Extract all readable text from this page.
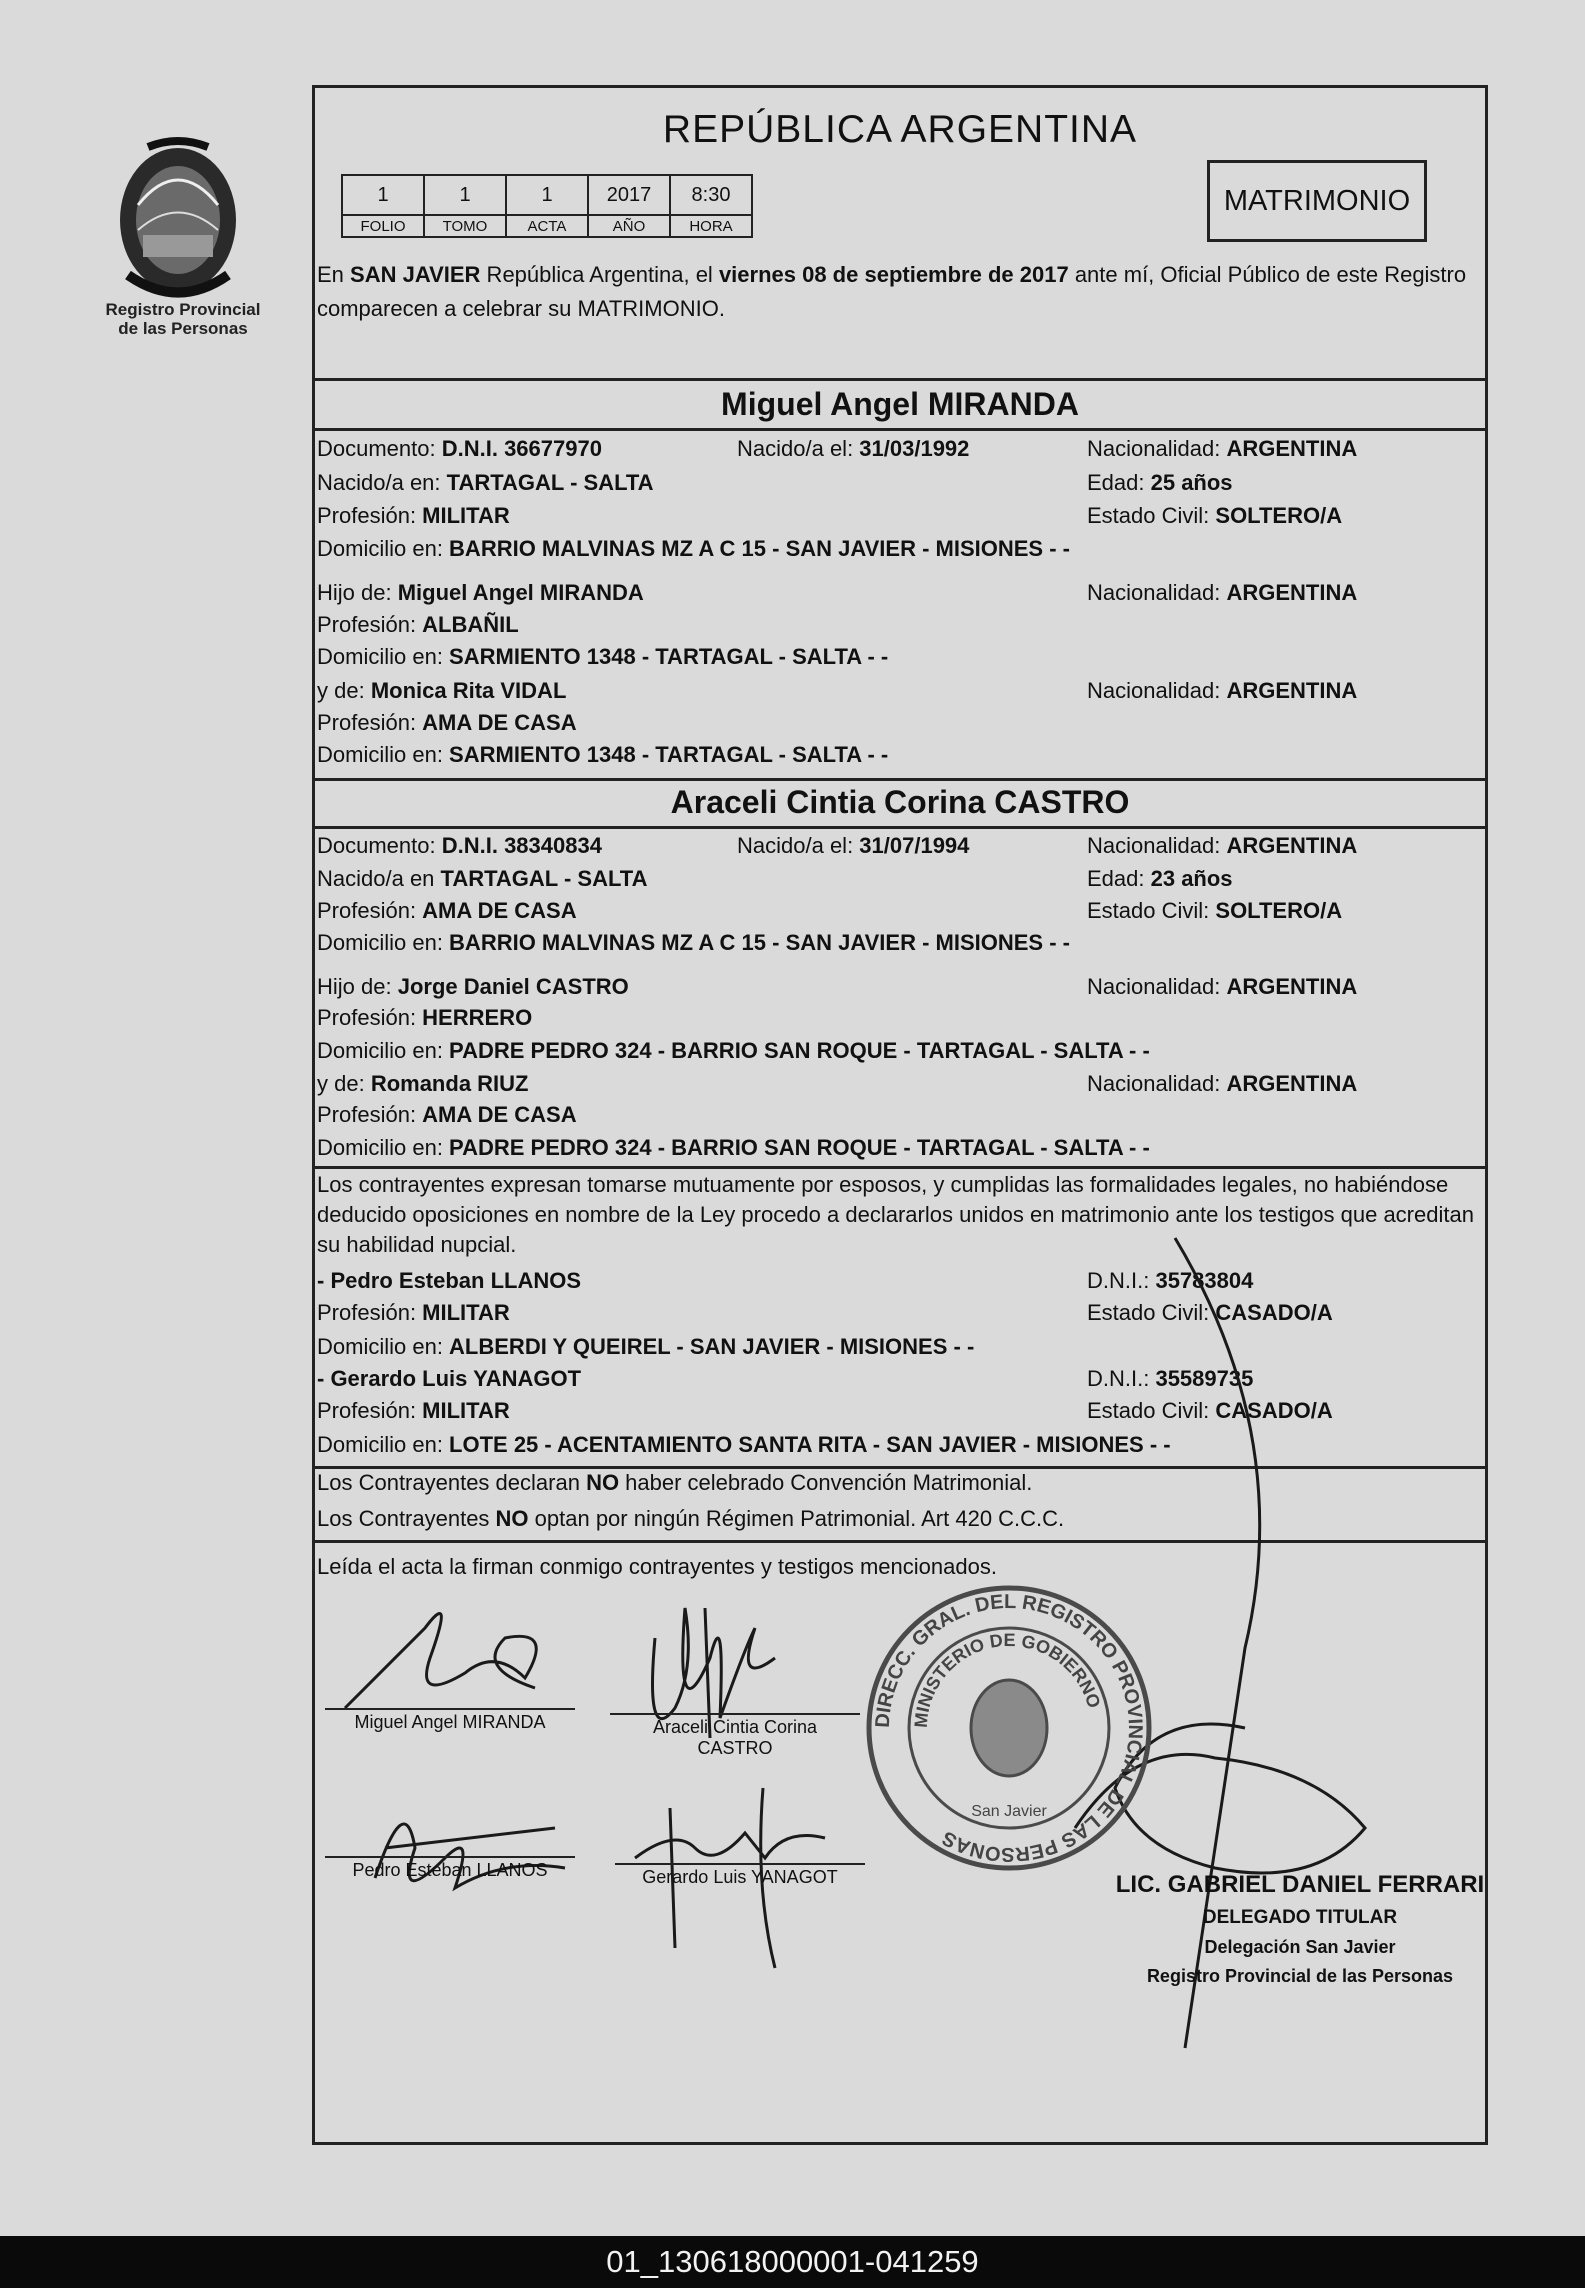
Registro Provincial
de las Personas
REPÚBLICA ARGENTINA
1	1	1	2017	8:30
FOLIO	TOMO	ACTA	AÑO	HORA
MATRIMONIO
En SAN JAVIER República Argentina, el viernes 08 de septiembre de 2017 ante mí, Oficial Público de este Registro comparecen a celebrar su MATRIMONIO.
Miguel Angel MIRANDA
Documento: D.N.I. 36677970	Nacido/a el: 31/03/1992	Nacionalidad: ARGENTINA
Nacido/a en: TARTAGAL - SALTA	Edad: 25 años
Profesión: MILITAR	Estado Civil: SOLTERO/A
Domicilio en: BARRIO MALVINAS MZ A C 15 - SAN JAVIER - MISIONES - -
Hijo de: Miguel Angel MIRANDA	Nacionalidad: ARGENTINA
Profesión: ALBAÑIL
Domicilio en: SARMIENTO 1348 - TARTAGAL - SALTA - -
y de: Monica Rita VIDAL	Nacionalidad: ARGENTINA
Profesión: AMA DE CASA
Domicilio en: SARMIENTO 1348 - TARTAGAL - SALTA - -
Araceli Cintia Corina CASTRO
Documento: D.N.I. 38340834	Nacido/a el: 31/07/1994	Nacionalidad: ARGENTINA
Nacido/a en TARTAGAL - SALTA	Edad: 23 años
Profesión: AMA DE CASA	Estado Civil: SOLTERO/A
Domicilio en: BARRIO MALVINAS MZ A C 15 - SAN JAVIER - MISIONES - -
Hijo de: Jorge Daniel CASTRO	Nacionalidad: ARGENTINA
Profesión: HERRERO
Domicilio en: PADRE PEDRO 324 - BARRIO SAN ROQUE - TARTAGAL - SALTA - -
y de: Romanda RIUZ	Nacionalidad: ARGENTINA
Profesión: AMA DE CASA
Domicilio en: PADRE PEDRO 324 - BARRIO SAN ROQUE - TARTAGAL - SALTA - -
Los contrayentes expresan tomarse mutuamente por esposos, y cumplidas las formalidades legales, no habiéndose deducido oposiciones en nombre de la Ley procedo a declararlos unidos en matrimonio ante los testigos que acreditan su habilidad nupcial.
- Pedro Esteban LLANOS	D.N.I.: 35783804
Profesión: MILITAR	Estado Civil: CASADO/A
Domicilio en: ALBERDI Y QUEIREL - SAN JAVIER - MISIONES - -
- Gerardo Luis YANAGOT	D.N.I.: 35589735
Profesión: MILITAR	Estado Civil: CASADO/A
Domicilio en: LOTE 25 - ACENTAMIENTO SANTA RITA - SAN JAVIER - MISIONES - -
Los Contrayentes declaran NO haber celebrado Convención Matrimonial.
Los Contrayentes NO optan por ningún Régimen Patrimonial. Art 420 C.C.C.
Leída el acta la firman conmigo contrayentes y testigos mencionados.
Miguel Angel MIRANDA	Araceli Cintia Corina
CASTRO
Pedro Esteban LLANOS	Gerardo Luis YANAGOT
DIRECC. GRAL. DEL REGISTRO PROVINCIAL DE LAS PERSONAS
MINISTERIO DE GOBIERNO
San Javier
LIC. GABRIEL DANIEL FERRARI
DELEGADO TITULAR
Delegación San Javier
Registro Provincial de las Personas
01_130618000001-041259
